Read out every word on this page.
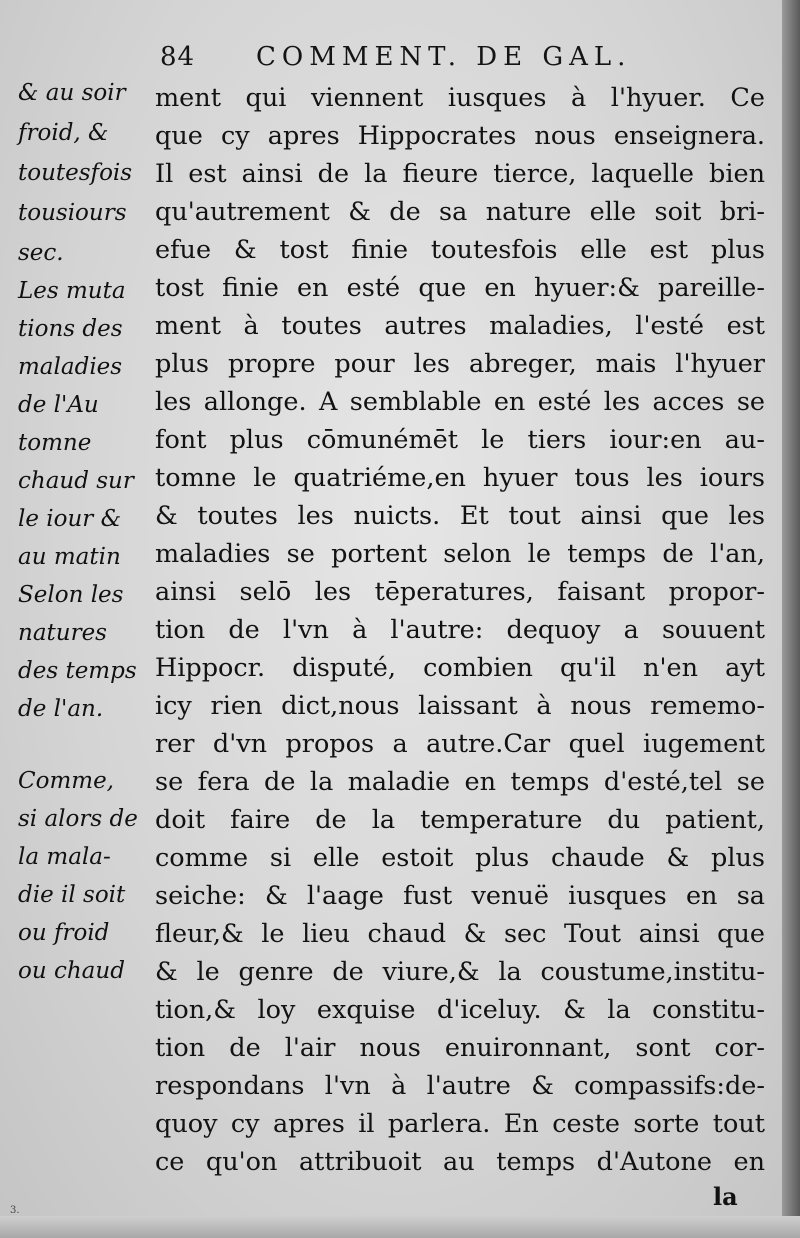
84 COMMENT. DE GAL.
& au soir
froid, &
toutesfois
tousiours
sec.
Les muta
tions des
maladies
de l'Au
tomne
chaud sur
le iour &
au matin
Selon les
natures
des temps
de l'an.
Comme,
si alors de
la mala-
die il soit
ou froid
ou chaud
ment qui viennent iusques à l'hyuer. Ce
que cy apres Hippocrates nous enseignera.
Il est ainsi de la fieure tierce, laquelle bien
qu'autrement & de sa nature elle soit bri-
efue & tost finie toutesfois elle est plus
tost finie en esté que en hyuer:& pareille-
ment à toutes autres maladies, l'esté est
plus propre pour les abreger, mais l'hyuer
les allonge. A semblable en esté les acces se
font plus cōmunémēt le tiers iour:en au-
tomne le quatriéme,en hyuer tous les iours
& toutes les nuicts. Et tout ainsi que les
maladies se portent selon le temps de l'an,
ainsi selō les tēperatures, faisant propor-
tion de l'vn à l'autre: dequoy a souuent
Hippocr. disputé, combien qu'il n'en ayt
icy rien dict,nous laissant à nous rememo-
rer d'vn propos a autre.Car quel iugement
se fera de la maladie en temps d'esté,tel se
doit faire de la temperature du patient,
comme si elle estoit plus chaude & plus
seiche: & l'aage fust venuë iusques en sa
fleur,& le lieu chaud & sec Tout ainsi que
& le genre de viure,& la coustume,institu-
tion,& loy exquise d'iceluy. & la constitu-
tion de l'air nous enuironnant, sont cor-
respondans l'vn à l'autre & compassifs:de-
quoy cy apres il parlera. En ceste sorte tout
ce qu'on attribuoit au temps d'Autone en
la
3.
